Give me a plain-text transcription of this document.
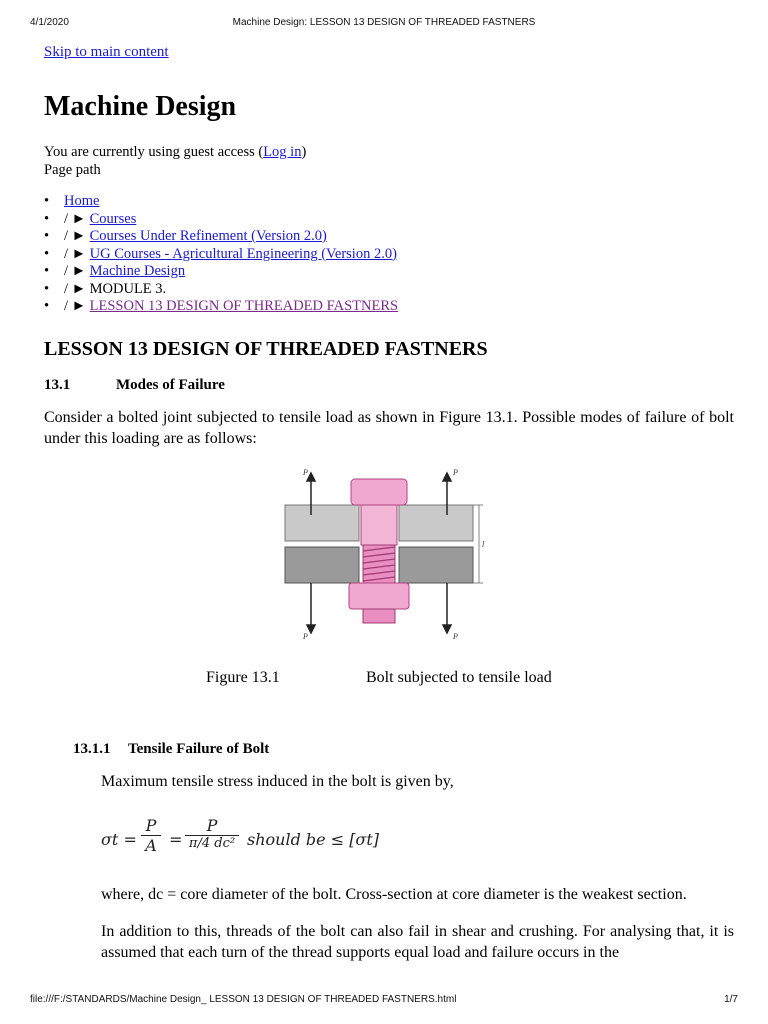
4/1/2020	Machine Design: LESSON 13 DESIGN OF THREADED FASTNERS

Skip to main content

Machine Design

You are currently using guest access (Log in)

Page path

• Home
• / ► Courses
• / ► Courses Under Refinement (Version 2.0)
• / ► UG Courses - Agricultural Engineering (Version 2.0)
• / ► Machine Design
• / ► MODULE 3.
• / ► LESSON 13 DESIGN OF THREADED FASTNERS
LESSON 13 DESIGN OF THREADED FASTNERS
13.1	Modes of Failure

Consider a bolted joint subjected to tensile load as shown in Figure 13.1. Possible modes of failure of bolt under this loading are as follows:

P	P
P	P
l
Figure 13.1	Bolt subjected to tensile load
13.1.1 Tensile Failure of Bolt

Maximum tensile stress induced in the bolt is given by,

$\sigma t = \frac{P}{A}$ =
P
π/4 dc² should be ≤ [σt]

where, dc = core diameter of the bolt. Cross-section at core diameter is the weakest section.

In addition to this, threads of the bolt can also fail in shear and crushing. For analysing that, it is assumed that each turn of the thread supports equal load and failure occurs in the

file:///F:/STANDARDS/Machine Design_ LESSON 13 DESIGN OF THREADED FASTNERS.html	1/7
